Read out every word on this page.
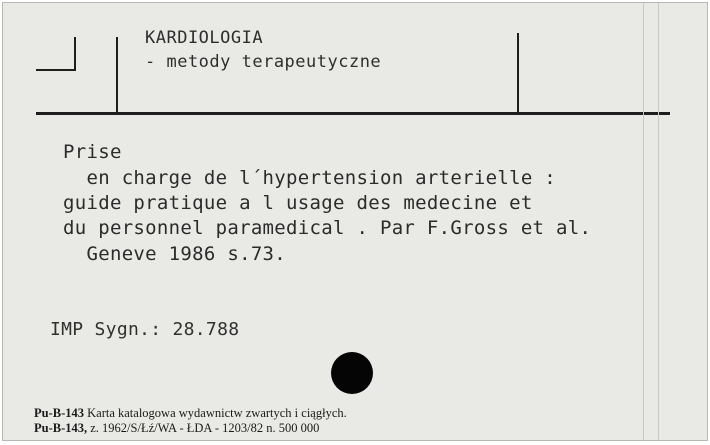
KARDIOLOGIA
- metody terapeutyczne
Prise
en charge de l´hypertension arterielle :
guide pratique a l usage des medecine et
du personnel paramedical . Par F.Gross et al.
Geneve 1986 s.73.
IMP Sygn.: 28.788
Pu-B-143 Karta katalogowa wydawnictw zwartych i ciągłych.
Pu-B-143, z. 1962/S/Łź/WA - ŁDA - 1203/82 n. 500 000
